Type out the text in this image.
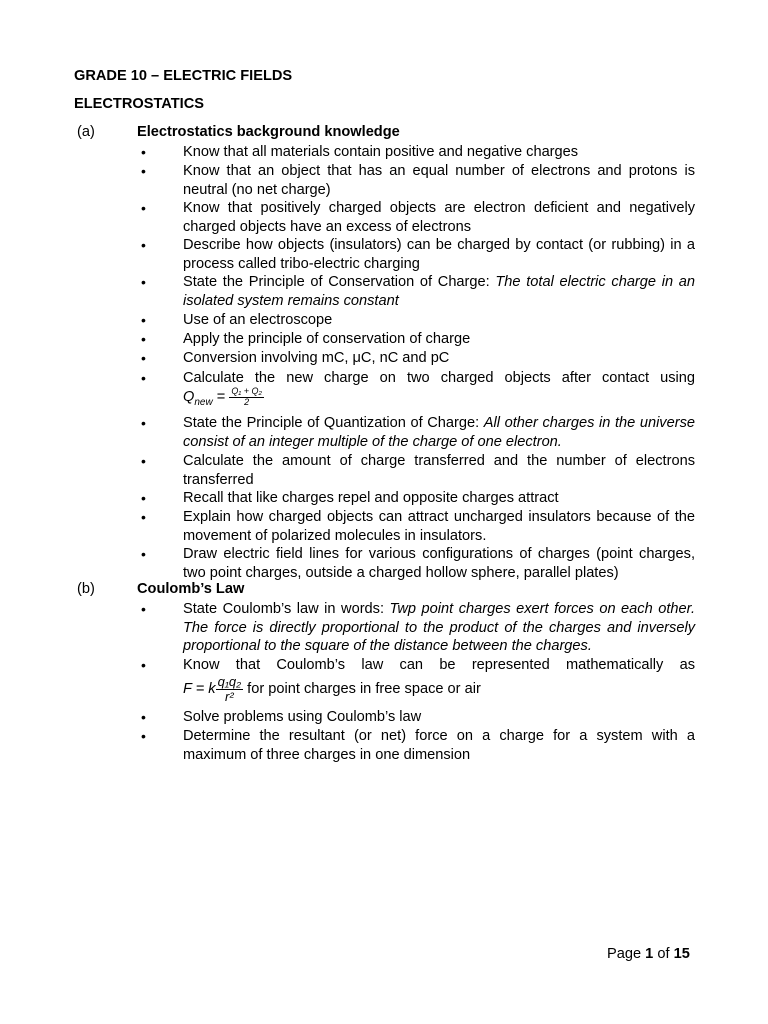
GRADE 10 – ELECTRIC FIELDS
ELECTROSTATICS
(a)	Electrostatics background knowledge
•	Know that all materials contain positive and negative charges
•	Know that an object that has an equal number of electrons and protons is neutral (no net charge)
•	Know that positively charged objects are electron deficient and negatively charged objects have an excess of electrons
•	Describe how objects (insulators) can be charged by contact (or rubbing) in a process called tribo-electric charging
•	State the Principle of Conservation of Charge: The total electric charge in an isolated system remains constant
•	Use of an electroscope
•	Apply the principle of conservation of charge
•	Conversion involving mC, μC, nC and pC
•	Calculate the new charge on two charged objects after contact using
$Q_{new} = \frac{\text{Q₁ + Q₂}}{2}$
•	State the Principle of Quantization of Charge: All other charges in the universe consist of an integer multiple of the charge of one electron.
•	Calculate the amount of charge transferred and the number of electrons transferred
•	Recall that like charges repel and opposite charges attract
•	Explain how charged objects can attract uncharged insulators because of the movement of polarized molecules in insulators.
•	Draw electric field lines for various configurations of charges (point charges, two point charges, outside a charged hollow sphere, parallel plates)
(b)	Coulomb’s Law
•	State Coulomb’s law in words: Twp point charges exert forces on each other. The force is directly proportional to the product of the charges and inversely proportional to the square of the distance between the charges.
•	Know that Coulomb’s law can be represented mathematically as
F = k $\frac{\text{q₁q₂}}{\text{r²}}$ for point charges in free space or air
•	Solve problems using Coulomb’s law
•	Determine the resultant (or net) force on a charge for a system with a maximum of three charges in one dimension
Page 1 of 15
